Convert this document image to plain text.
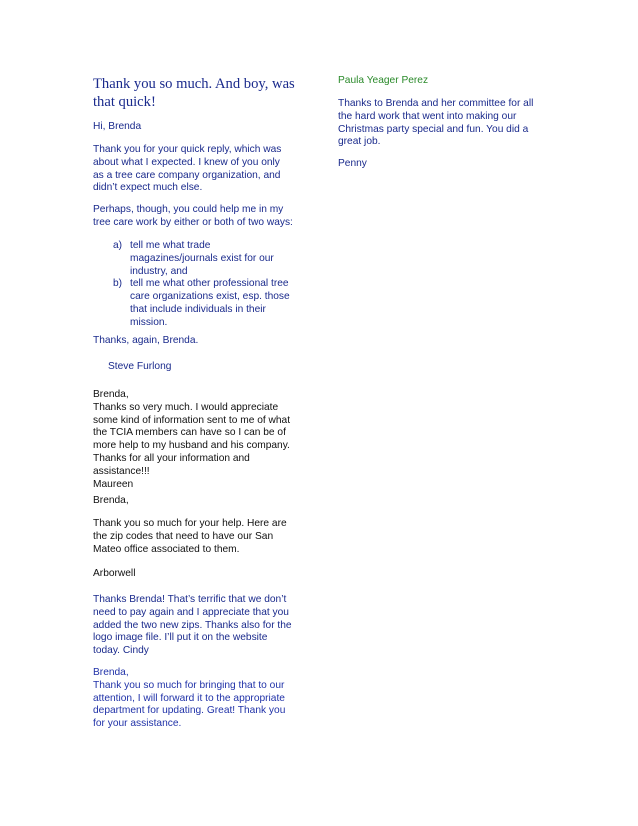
Thank you so much. And boy, was
that quick!
Hi, Brenda
Thank you for your quick reply, which was
about what I expected. I knew of you only
as a tree care company organization, and
didn’t expect much else.
Perhaps, though, you could help me in my
tree care work by either or both of two ways:
a) tell me what trade
magazines/journals exist for our
industry, and
b) tell me what other professional tree
care organizations exist, esp. those
that include individuals in their
mission.
Thanks, again, Brenda.
Steve Furlong
Brenda,
Thanks so very much. I would appreciate
some kind of information sent to me of what
the TCIA members can have so I can be of
more help to my husband and his company.
Thanks for all your information and
assistance!!!
Maureen
Brenda,
Thank you so much for your help. Here are
the zip codes that need to have our San
Mateo office associated to them.
Arborwell
Thanks Brenda! That’s terrific that we don’t
need to pay again and I appreciate that you
added the two new zips. Thanks also for the
logo image file. I’ll put it on the website
today. Cindy
Brenda,
Thank you so much for bringing that to our
attention, I will forward it to the appropriate
department for updating. Great! Thank you
for your assistance.
Paula Yeager Perez
Thanks to Brenda and her committee for all
the hard work that went into making our
Christmas party special and fun. You did a
great job.
Penny
